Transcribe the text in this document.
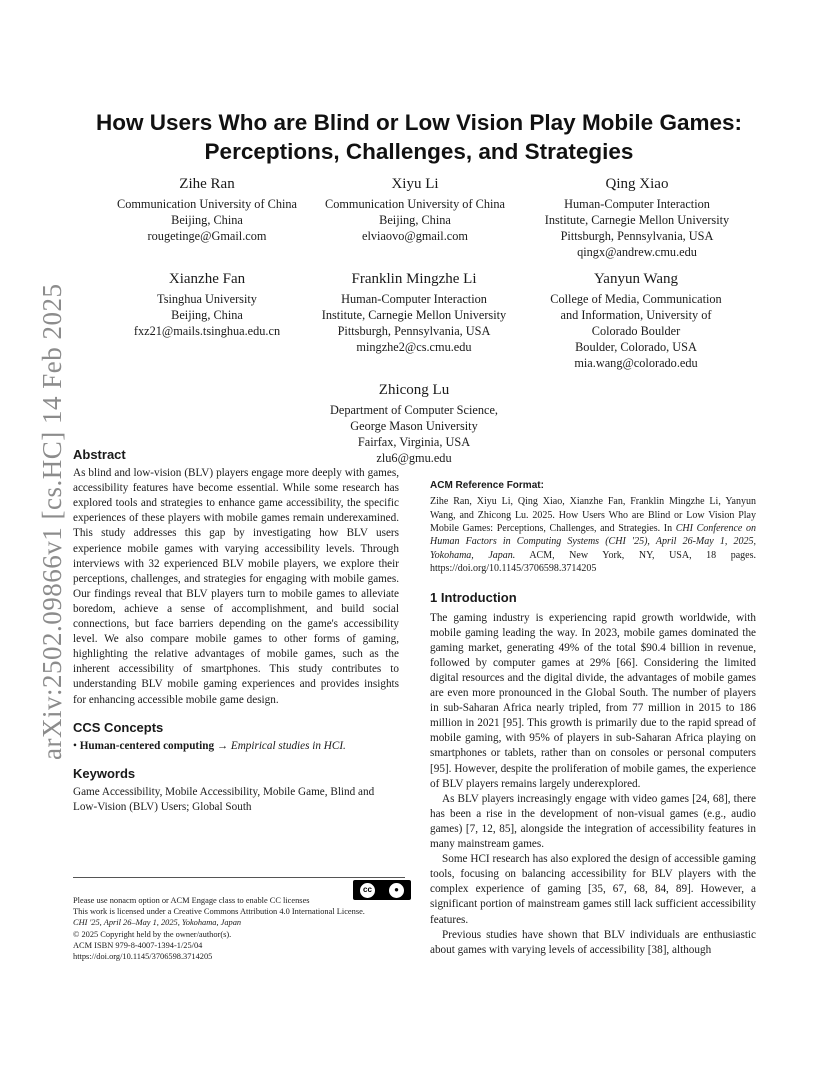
arXiv:2502.09866v1 [cs.HC] 14 Feb 2025
How Users Who are Blind or Low Vision Play Mobile Games:
Perceptions, Challenges, and Strategies
Zihe Ran
Communication University of China
Beijing, China
rougetinge@Gmail.com
Xiyu Li
Communication University of China
Beijing, China
elviaovo@gmail.com
Qing Xiao
Human-Computer Interaction
Institute, Carnegie Mellon University
Pittsburgh, Pennsylvania, USA
qingx@andrew.cmu.edu
Xianzhe Fan
Tsinghua University
Beijing, China
fxz21@mails.tsinghua.edu.cn
Franklin Mingzhe Li
Human-Computer Interaction
Institute, Carnegie Mellon University
Pittsburgh, Pennsylvania, USA
mingzhe2@cs.cmu.edu
Yanyun Wang
College of Media, Communication
and Information, University of
Colorado Boulder
Boulder, Colorado, USA
mia.wang@colorado.edu
Zhicong Lu
Department of Computer Science,
George Mason University
Fairfax, Virginia, USA
zlu6@gmu.edu
Abstract

As blind and low-vision (BLV) players engage more deeply with games, accessibility features have become essential. While some research has explored tools and strategies to enhance game accessibility, the specific experiences of these players with mobile games remain underexamined. This study addresses this gap by investigating how BLV users experience mobile games with varying accessibility levels. Through interviews with 32 experienced BLV mobile players, we explore their perceptions, challenges, and strategies for engaging with mobile games. Our findings reveal that BLV players turn to mobile games to alleviate boredom, achieve a sense of accomplishment, and build social connections, but face barriers depending on the game's accessibility level. We also compare mobile games to other forms of gaming, highlighting the relative advantages of mobile games, such as the inherent accessibility of smartphones. This study contributes to understanding BLV mobile gaming experiences and provides insights for enhancing accessible mobile game design.

CCS Concepts

• Human-centered computing → Empirical studies in HCI.

Keywords

Game Accessibility, Mobile Accessibility, Mobile Game, Blind and Low-Vision (BLV) Users; Global South

cc	●

Please use nonacm option or ACM Engage class to enable CC licenses

This work is licensed under a Creative Commons Attribution 4.0 International License.

CHI '25, April 26–May 1, 2025, Yokohama, Japan

© 2025 Copyright held by the owner/author(s).

ACM ISBN 979-8-4007-1394-1/25/04

https://doi.org/10.1145/3706598.3714205

ACM Reference Format:

Zihe Ran, Xiyu Li, Qing Xiao, Xianzhe Fan, Franklin Mingzhe Li, Yanyun Wang, and Zhicong Lu. 2025. How Users Who are Blind or Low Vision Play Mobile Games: Perceptions, Challenges, and Strategies. In CHI Conference on Human Factors in Computing Systems (CHI '25), April 26-May 1, 2025, Yokohama, Japan. ACM, New York, NY, USA, 18 pages. https://doi.org/10.1145/3706598.3714205

1 Introduction

The gaming industry is experiencing rapid growth worldwide, with mobile gaming leading the way. In 2023, mobile games dominated the gaming market, generating 49% of the total $90.4 billion in revenue, followed by computer games at 29% [66]. Considering the limited digital resources and the digital divide, the advantages of mobile games are even more pronounced in the Global South. The number of players in sub-Saharan Africa nearly tripled, from 77 million in 2015 to 186 million in 2021 [95]. This growth is primarily due to the rapid spread of mobile gaming, with 95% of players in sub-Saharan Africa playing on smartphones or tablets, rather than on consoles or personal computers [95]. However, despite the proliferation of mobile games, the experience of BLV players remains largely underexplored.

As BLV players increasingly engage with video games [24, 68], there has been a rise in the development of non-visual games (e.g., audio games) [7, 12, 85], alongside the integration of accessibility features in many mainstream games.

Some HCI research has also explored the design of accessible gaming tools, focusing on balancing accessibility for BLV players with the complex experience of gaming [35, 67, 68, 84, 89]. However, a significant portion of mainstream games still lack sufficient accessibility features.

Previous studies have shown that BLV individuals are enthusiastic about games with varying levels of accessibility [38], although
